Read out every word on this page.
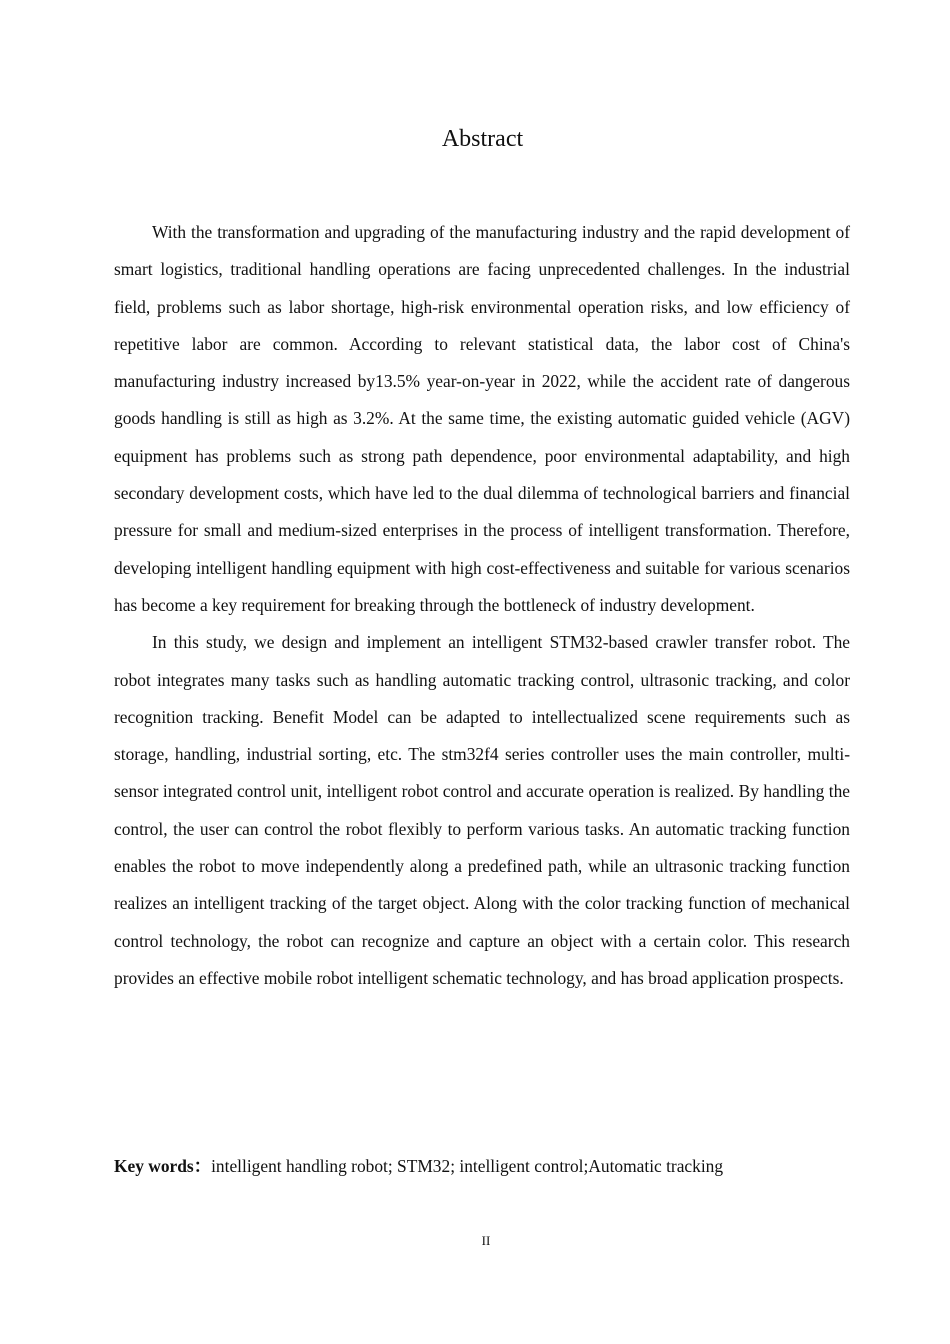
Abstract

With the transformation and upgrading of the manufacturing industry and the rapid development of smart logistics, traditional handling operations are facing unprecedented challenges. In the industrial field, problems such as labor shortage, high-risk environmental operation risks, and low efficiency of repetitive labor are common. According to relevant statistical data, the labor cost of China's manufacturing industry increased by13.5% year-on-year in 2022, while the accident rate of dangerous goods handling is still as high as 3.2%. At the same time, the existing automatic guided vehicle (AGV) equipment has problems such as strong path dependence, poor environmental adaptability, and high secondary development costs, which have led to the dual dilemma of technological barriers and financial pressure for small and medium-sized enterprises in the process of intelligent transformation. Therefore, developing intelligent handling equipment with high cost-effectiveness and suitable for various scenarios has become a key requirement for breaking through the bottleneck of industry development.

In this study, we design and implement an intelligent STM32-based crawler transfer robot. The robot integrates many tasks such as handling automatic tracking control, ultrasonic tracking, and color recognition tracking. Benefit Model can be adapted to intellectualized scene requirements such as storage, handling, industrial sorting, etc. The stm32f4 series controller uses the main controller, multi-sensor integrated control unit, intelligent robot control and accurate operation is realized. By handling the control, the user can control the robot flexibly to perform various tasks. An automatic tracking function enables the robot to move independently along a predefined path, while an ultrasonic tracking function realizes an intelligent tracking of the target object. Along with the color tracking function of mechanical control technology, the robot can recognize and capture an object with a certain color. This research provides an effective mobile robot intelligent schematic technology, and has broad application prospects.

Key words：intelligent handling robot; STM32; intelligent control;Automatic tracking
II
